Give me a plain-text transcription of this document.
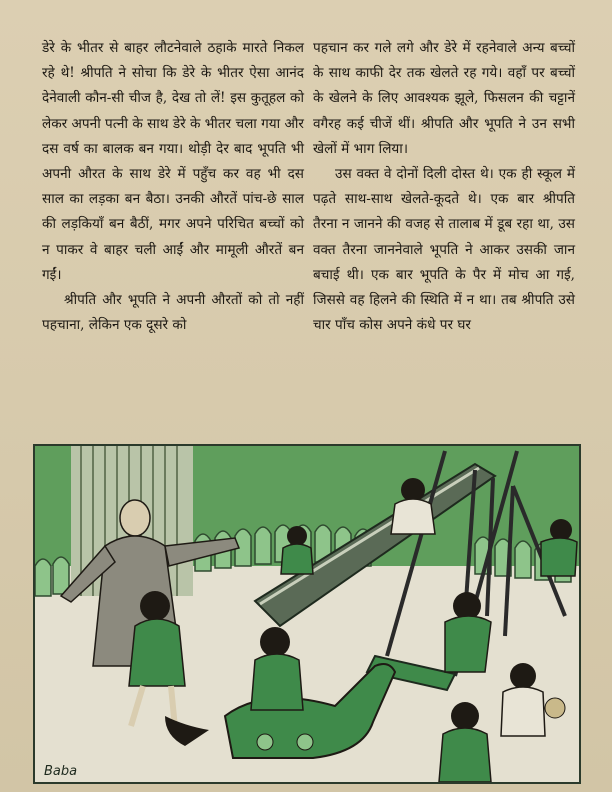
डेरे के भीतर से बाहर लौटनेवाले ठहाके मारते निकल रहे थे! श्रीपति ने सोचा कि डेरे के भीतर ऐसा आनंद देनेवाली कौन-सी चीज है, देख तो लें! इस कुतूहल को लेकर अपनी पत्नी के साथ डेरे के भीतर चला गया और दस वर्ष का बालक बन गया। थोड़ी देर बाद भूपति भी अपनी औरत के साथ डेरे में पहुँच कर वह भी दस साल का लड़का बन बैठा। उनकी औरतें पांच-छे साल की लड़कियाँ बन बैठीं, मगर अपने परिचित बच्चों को न पाकर वे बाहर चली आईं और मामूली औरतें बन गईं।

श्रीपति और भूपति ने अपनी औरतों को तो नहीं पहचाना, लेकिन एक दूसरे को

पहचान कर गले लगे और डेरे में रहनेवाले अन्य बच्चों के साथ काफी देर तक खेलते रह गये। वहाँ पर बच्चों के खेलने के लिए आवश्यक झूले, फिसलन की चट्टानें वगैरह कई चीजें थीं। श्रीपति और भूपति ने उन सभी खेलों में भाग लिया।

उस वक्त वे दोनों दिली दोस्त थे। एक ही स्कूल में पढ़ते साथ-साथ खेलते-कूदते थे। एक बार श्रीपति तैरना न जानने की वजह से तालाब में डूब रहा था, उस वक्त तैरना जाननेवाले भूपति ने आकर उसकी जान बचाई थी। एक बार भूपति के पैर में मोच आ गई, जिससे वह हिलने की स्थिति में न था। तब श्रीपति उसे चार पाँच कोस अपने कंधे पर घर

Baba
